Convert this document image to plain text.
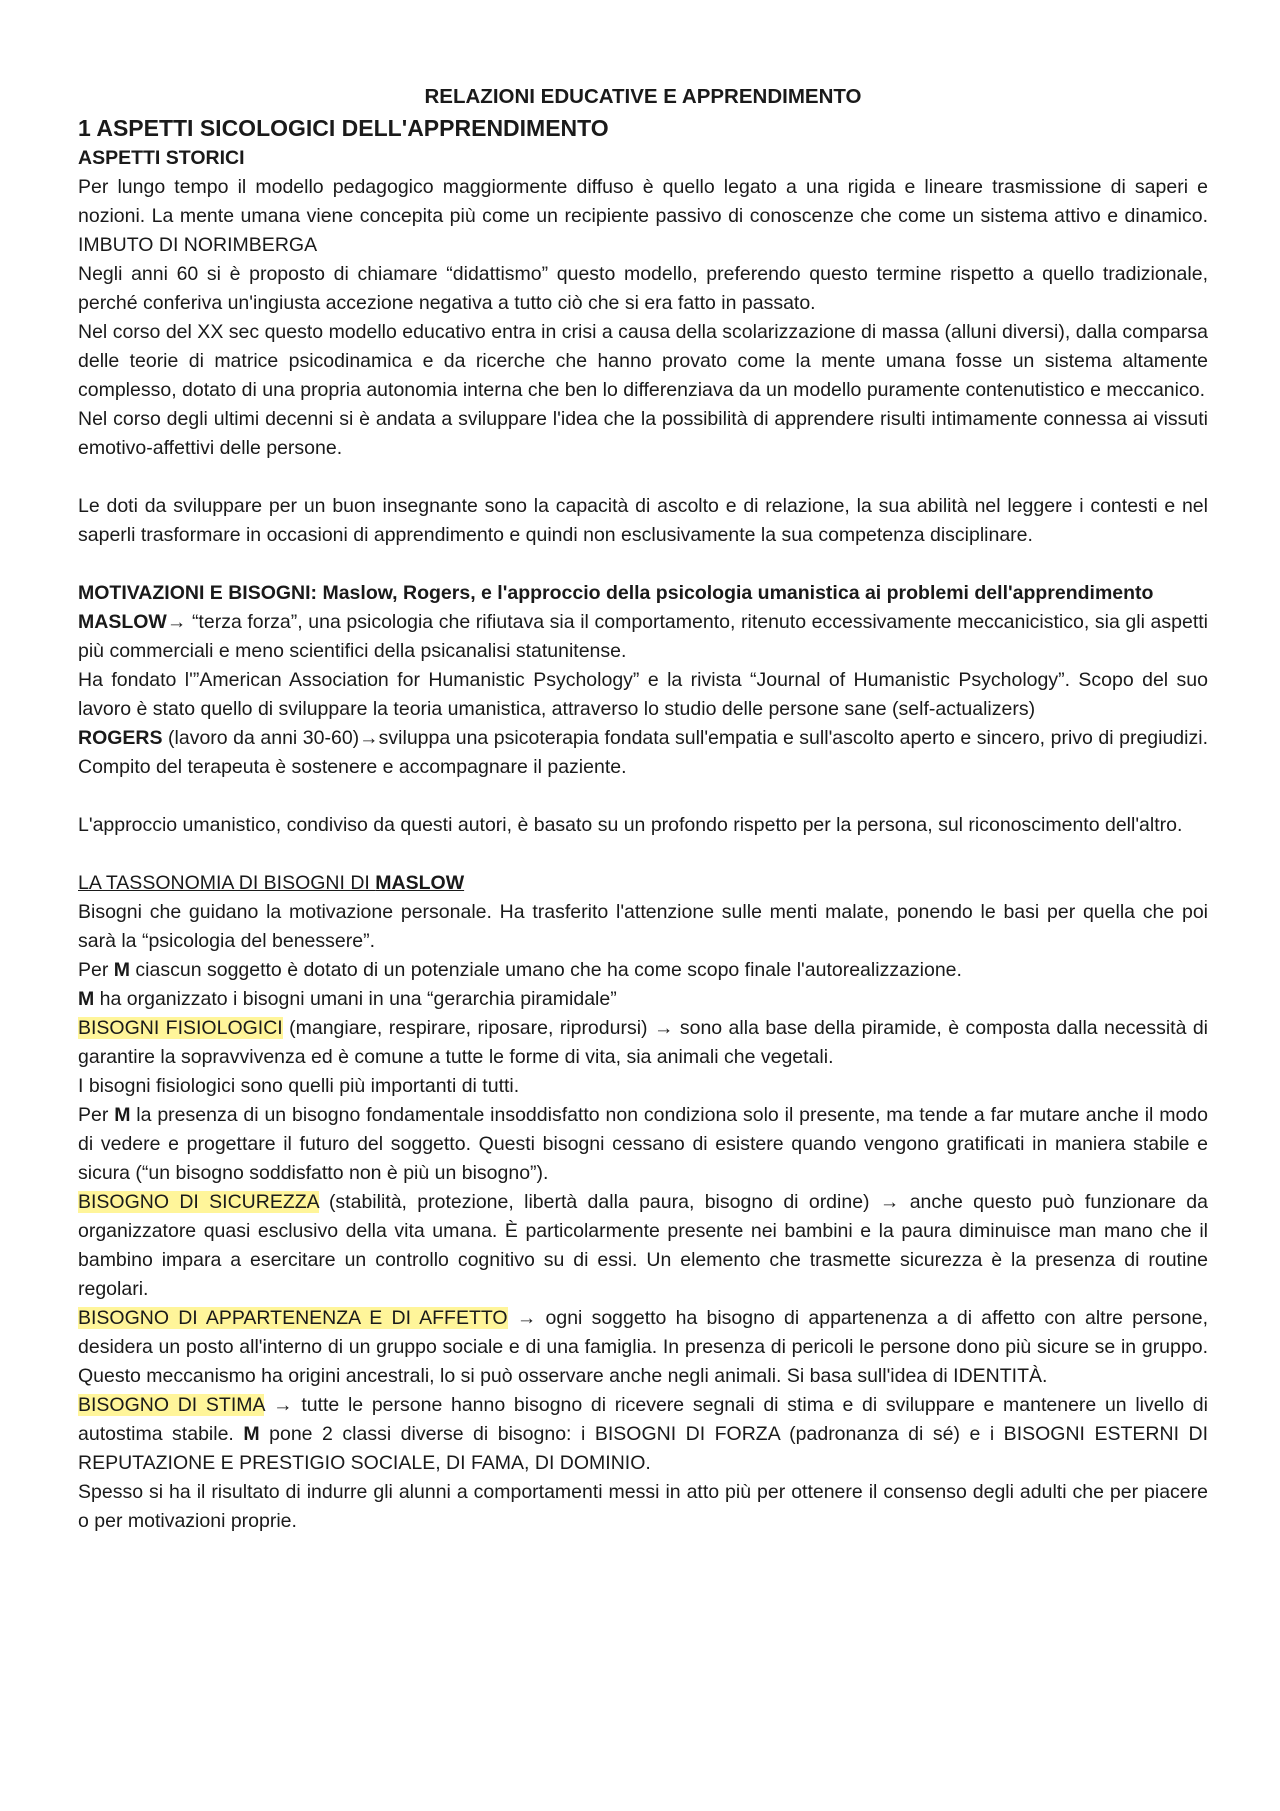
RELAZIONI EDUCATIVE E APPRENDIMENTO
1 ASPETTI SICOLOGICI DELL'APPRENDIMENTO
ASPETTI STORICI

Per lungo tempo il modello pedagogico maggiormente diffuso è quello legato a una rigida e lineare trasmissione di saperi e nozioni. La mente umana viene concepita più come un recipiente passivo di conoscenze che come un sistema attivo e dinamico. IMBUTO DI NORIMBERGA

Negli anni 60 si è proposto di chiamare “didattismo” questo modello, preferendo questo termine rispetto a quello tradizionale, perché conferiva un'ingiusta accezione negativa a tutto ciò che si era fatto in passato.

Nel corso del XX sec questo modello educativo entra in crisi a causa della scolarizzazione di massa (alluni diversi), dalla comparsa delle teorie di matrice psicodinamica e da ricerche che hanno provato come la mente umana fosse un sistema altamente complesso, dotato di una propria autonomia interna che ben lo differenziava da un modello puramente contenutistico e meccanico.

Nel corso degli ultimi decenni si è andata a sviluppare l'idea che la possibilità di apprendere risulti intimamente connessa ai vissuti emotivo-affettivi delle persone.

Le doti da sviluppare per un buon insegnante sono la capacità di ascolto e di relazione, la sua abilità nel leggere i contesti e nel saperli trasformare in occasioni di apprendimento e quindi non esclusivamente la sua competenza disciplinare.

MOTIVAZIONI E BISOGNI: Maslow, Rogers, e l'approccio della psicologia umanistica ai problemi dell'apprendimento

MASLOW→ “terza forza”, una psicologia che rifiutava sia il comportamento, ritenuto eccessivamente meccanicistico, sia gli aspetti più commerciali e meno scientifici della psicanalisi statunitense.

Ha fondato l'”American Association for Humanistic Psychology” e la rivista “Journal of Humanistic Psychology”. Scopo del suo lavoro è stato quello di sviluppare la teoria umanistica, attraverso lo studio delle persone sane (self-actualizers)

ROGERS (lavoro da anni 30-60)→sviluppa una psicoterapia fondata sull'empatia e sull'ascolto aperto e sincero, privo di pregiudizi. Compito del terapeuta è sostenere e accompagnare il paziente.

L'approccio umanistico, condiviso da questi autori, è basato su un profondo rispetto per la persona, sul riconoscimento dell'altro.

LA TASSONOMIA DI BISOGNI DI MASLOW

Bisogni che guidano la motivazione personale. Ha trasferito l'attenzione sulle menti malate, ponendo le basi per quella che poi sarà la “psicologia del benessere”.

Per M ciascun soggetto è dotato di un potenziale umano che ha come scopo finale l'autorealizzazione.

M ha organizzato i bisogni umani in una “gerarchia piramidale”

BISOGNI FISIOLOGICI (mangiare, respirare, riposare, riprodursi) → sono alla base della piramide, è composta dalla necessità di garantire la sopravvivenza ed è comune a tutte le forme di vita, sia animali che vegetali.

I bisogni fisiologici sono quelli più importanti di tutti.

Per M la presenza di un bisogno fondamentale insoddisfatto non condiziona solo il presente, ma tende a far mutare anche il modo di vedere e progettare il futuro del soggetto. Questi bisogni cessano di esistere quando vengono gratificati in maniera stabile e sicura (“un bisogno soddisfatto non è più un bisogno”).

BISOGNO DI SICUREZZA (stabilità, protezione, libertà dalla paura, bisogno di ordine) → anche questo può funzionare da organizzatore quasi esclusivo della vita umana. È particolarmente presente nei bambini e la paura diminuisce man mano che il bambino impara a esercitare un controllo cognitivo su di essi. Un elemento che trasmette sicurezza è la presenza di routine regolari.

BISOGNO DI APPARTENENZA E DI AFFETTO → ogni soggetto ha bisogno di appartenenza a di affetto con altre persone, desidera un posto all'interno di un gruppo sociale e di una famiglia. In presenza di pericoli le persone dono più sicure se in gruppo. Questo meccanismo ha origini ancestrali, lo si può osservare anche negli animali. Si basa sull'idea di IDENTITÀ.

BISOGNO DI STIMA → tutte le persone hanno bisogno di ricevere segnali di stima e di sviluppare e mantenere un livello di autostima stabile. M pone 2 classi diverse di bisogno: i BISOGNI DI FORZA (padronanza di sé) e i BISOGNI ESTERNI DI REPUTAZIONE E PRESTIGIO SOCIALE, DI FAMA, DI DOMINIO.

Spesso si ha il risultato di indurre gli alunni a comportamenti messi in atto più per ottenere il consenso degli adulti che per piacere o per motivazioni proprie.
